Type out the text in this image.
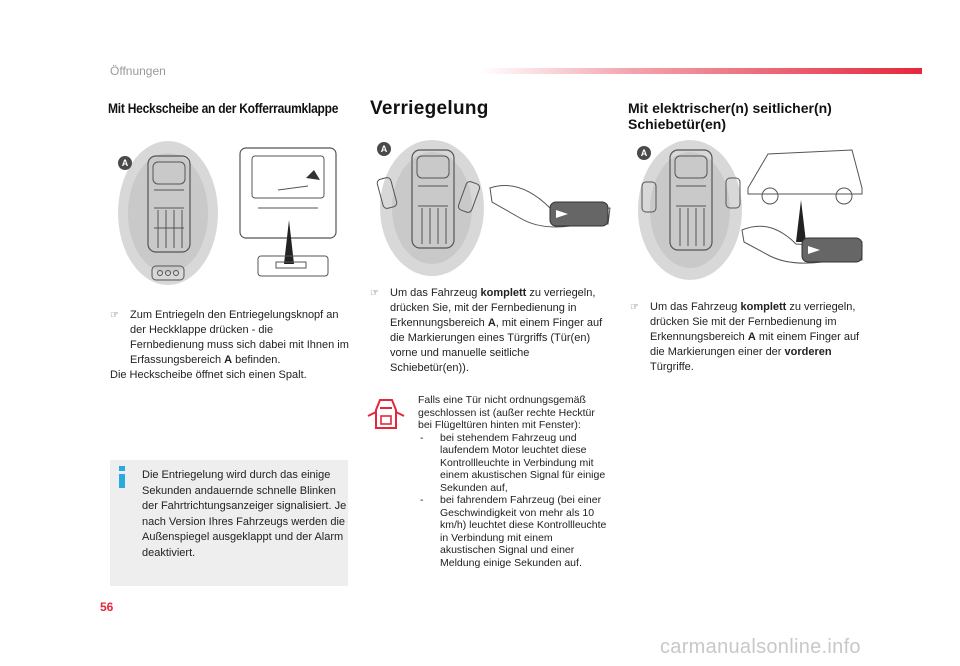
Öffnungen
Mit Heckscheibe an der Kofferraumklappe Verriegelung	Mit elektrischer(n) seitlicher(n) Schiebetür(en)
A
A	A
☞ Zum Entriegeln den Entriegelungsknopf an der Heckklappe drücken - die Fernbedienung muss sich dabei mit Ihnen im Erfassungsbereich A befinden.
Die Heckscheibe öffnet sich einen Spalt.
☞ Um das Fahrzeug komplett zu verriegeln, drücken Sie, mit der Fernbedienung in Erkennungsbereich A, mit einem Finger auf die Markierungen eines Türgriffs (Tür(en) vorne und manuelle seitliche Schiebetür(en)).
Falls eine Tür nicht ordnungsgemäß geschlossen ist (außer rechte Hecktür bei Flügeltüren hinten mit Fenster):
- bei stehendem Fahrzeug und laufendem Motor leuchtet diese Kontrollleuchte in Verbindung mit einem akustischen Signal für einige Sekunden auf,
- bei fahrendem Fahrzeug (bei einer Geschwindigkeit von mehr als 10 km/h) leuchtet diese Kontrollleuchte in Verbindung mit einem akustischen Signal und einer Meldung einige Sekunden auf.
☞ Um das Fahrzeug komplett zu verriegeln, drücken Sie mit der Fernbedienung im Erkennungsbereich A mit einem Finger auf die Markierungen einer der vorderen Türgriffe.
Die Entriegelung wird durch das einige Sekunden andauernde schnelle Blinken der Fahrtrichtungsanzeiger signalisiert. Je nach Version Ihres Fahrzeugs werden die Außenspiegel ausgeklappt und der Alarm deaktiviert.
56
carmanualsonline.info
